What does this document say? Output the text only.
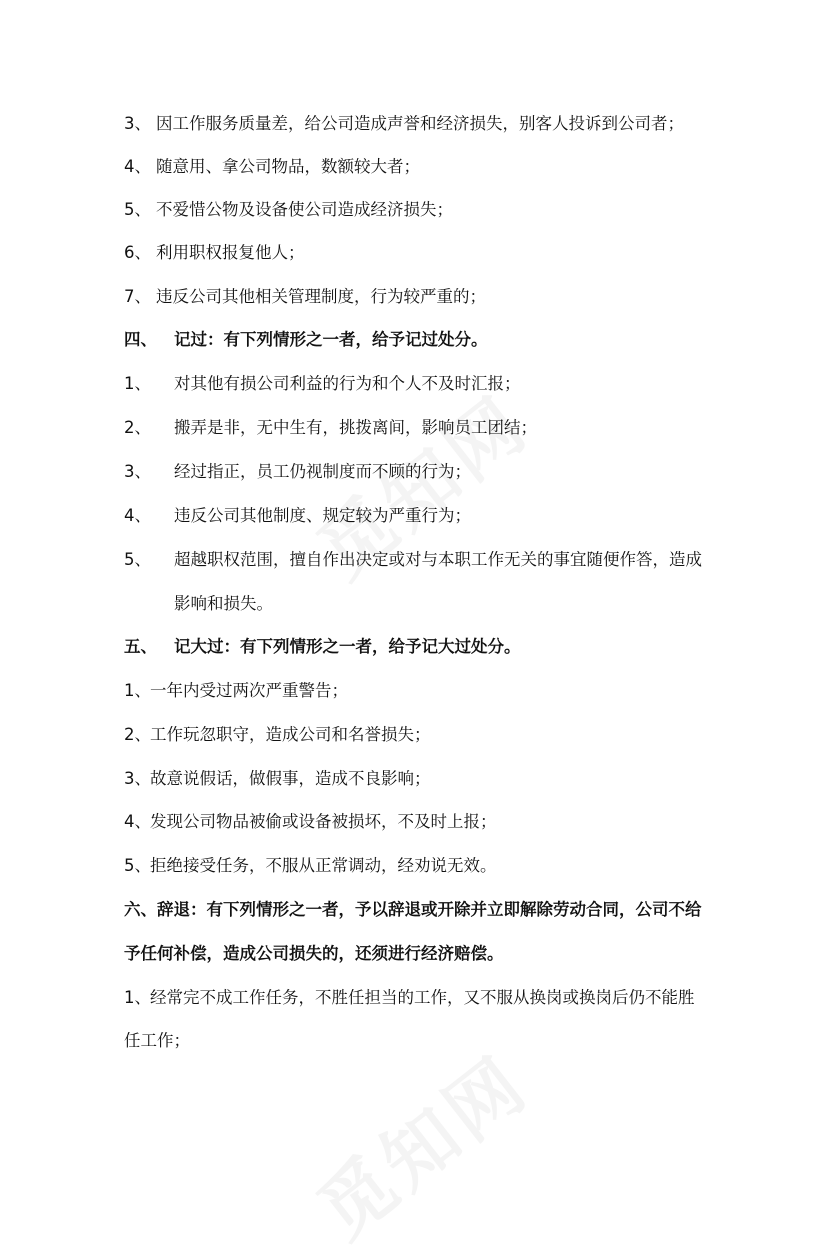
3、 因工作服务质量差，给公司造成声誉和经济损失，别客人投诉到公司者；
4、 随意用、拿公司物品，数额较大者；
5、 不爱惜公物及设备使公司造成经济损失；
6、 利用职权报复他人；
7、 违反公司其他相关管理制度，行为较严重的；
四、 记过：有下列情形之一者，给予记过处分。
1、 对其他有损公司利益的行为和个人不及时汇报；
2、 搬弄是非，无中生有，挑拨离间，影响员工团结；
3、 经过指正，员工仍视制度而不顾的行为；
4、 违反公司其他制度、规定较为严重行为；
5、 超越职权范围，擅自作出决定或对与本职工作无关的事宜随便作答，造成
影响和损失。
五、 记大过：有下列情形之一者，给予记大过处分。
1、一年内受过两次严重警告；
2、工作玩忽职守，造成公司和名誉损失；
3、故意说假话，做假事，造成不良影响；
4、发现公司物品被偷或设备被损坏，不及时上报；
5、拒绝接受任务，不服从正常调动，经劝说无效。
六、辞退：有下列情形之一者，予以辞退或开除并立即解除劳动合同，公司不给
予任何补偿，造成公司损失的，还须进行经济赔偿。
1、经常完不成工作任务，不胜任担当的工作，又不服从换岗或换岗后仍不能胜
任工作；
